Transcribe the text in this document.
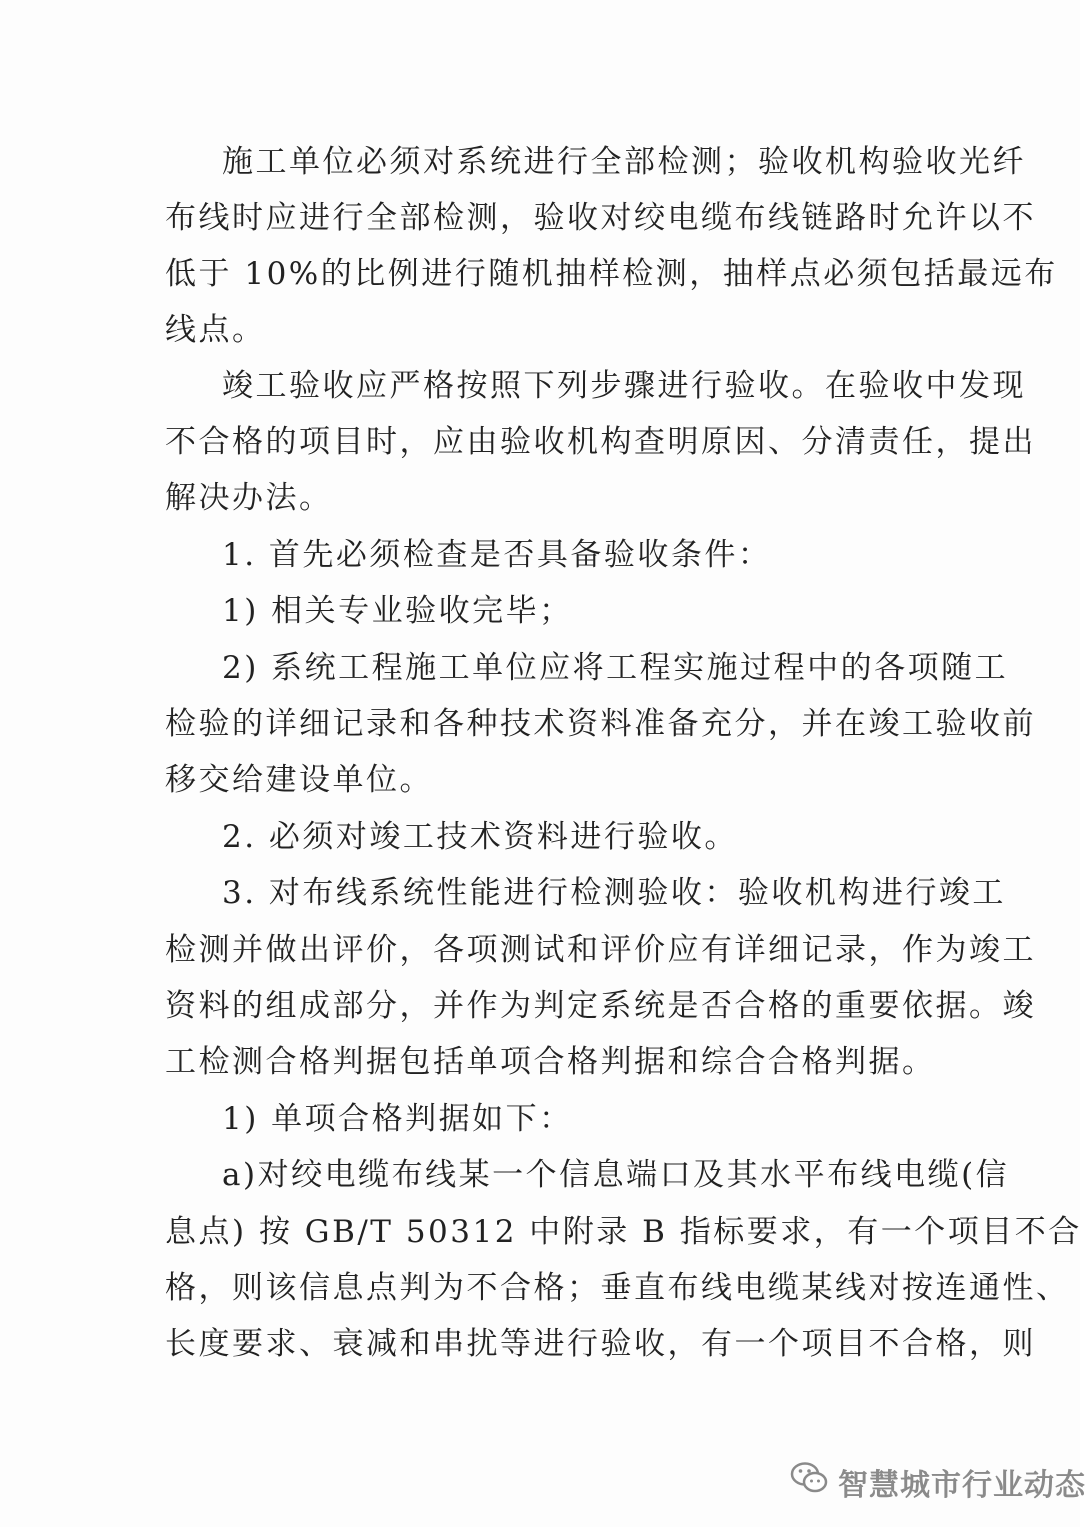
施工单位必须对系统进行全部检测；验收机构验收光纤
布线时应进行全部检测，验收对绞电缆布线链路时允许以不
低于 10%的比例进行随机抽样检测，抽样点必须包括最远布
线点。
竣工验收应严格按照下列步骤进行验收。在验收中发现
不合格的项目时，应由验收机构查明原因、分清责任，提出
解决办法。
1. 首先必须检查是否具备验收条件：
1) 相关专业验收完毕；
2) 系统工程施工单位应将工程实施过程中的各项随工
检验的详细记录和各种技术资料准备充分，并在竣工验收前
移交给建设单位。
2. 必须对竣工技术资料进行验收。
3. 对布线系统性能进行检测验收：验收机构进行竣工
检测并做出评价，各项测试和评价应有详细记录，作为竣工
资料的组成部分，并作为判定系统是否合格的重要依据。竣
工检测合格判据包括单项合格判据和综合合格判据。
1) 单项合格判据如下：
a)对绞电缆布线某一个信息端口及其水平布线电缆(信
息点) 按 GB/T 50312 中附录 B 指标要求，有一个项目不合
格，则该信息点判为不合格；垂直布线电缆某线对按连通性、
长度要求、衰减和串扰等进行验收，有一个项目不合格，则
智慧城市行业动态
